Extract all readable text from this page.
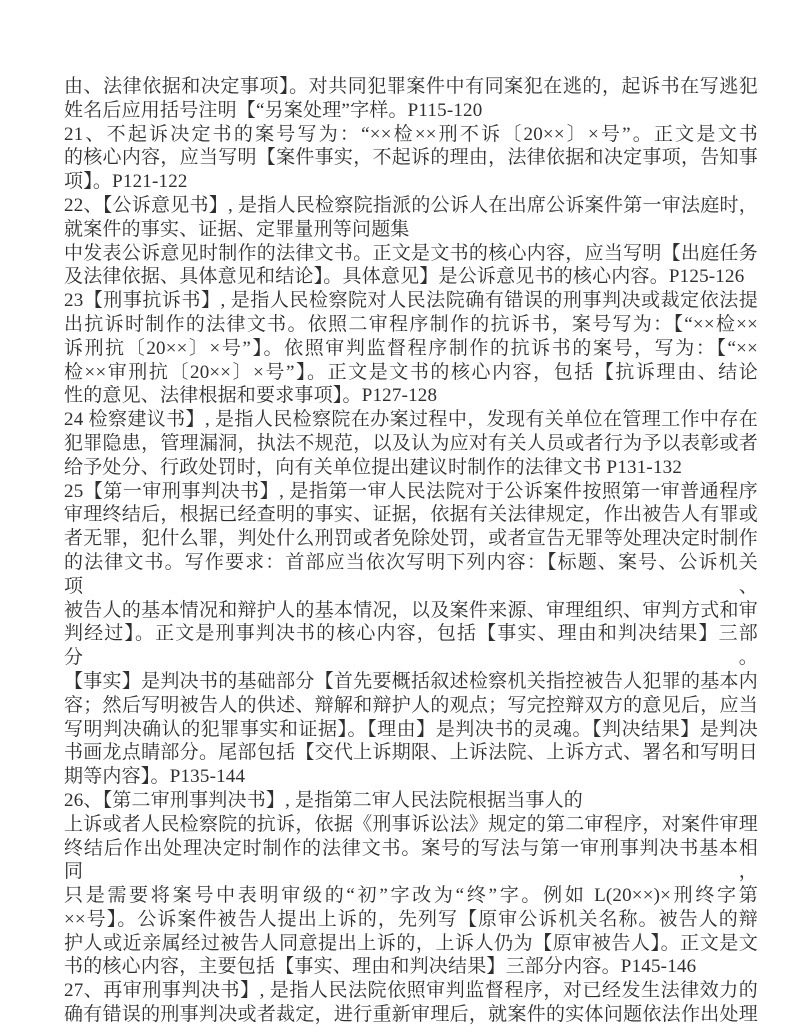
由、法律依据和决定事项】。对共同犯罪案件中有同案犯在逃的，起诉书在写逃犯
姓名后应用括号注明【“另案处理”字样。P115-120
21、不起诉决定书的案号写为：“××检××刑不诉〔20××〕×号”。正文是文书
的核心内容，应当写明【案件事实，不起诉的理由，法律依据和决定事项，告知事
项】。P121-122
22、【公诉意见书】, 是指人民检察院指派的公诉人在出席公诉案件第一审法庭时，
就案件的事实、证据、定罪量刑等问题集
中发表公诉意见时制作的法律文书。正文是文书的核心内容，应当写明【出庭任务
及法律依据、具体意见和结论】。具体意见】是公诉意见书的核心内容。P125-126
23【刑事抗诉书】, 是指人民检察院对人民法院确有错误的刑事判决或裁定依法提
出抗诉时制作的法律文书。依照二审程序制作的抗诉书，案号写为：【“××检××
诉刑抗〔20××〕×号”】。依照审判监督程序制作的抗诉书的案号，写为：【“××
检××审刑抗〔20××〕×号”】。正文是文书的核心内容，包括【抗诉理由、结论
性的意见、法律根据和要求事项】。P127-128
24 检察建议书】, 是指人民检察院在办案过程中，发现有关单位在管理工作中存在
犯罪隐患，管理漏洞，执法不规范，以及认为应对有关人员或者行为予以表彰或者
给予处分、行政处罚时，向有关单位提出建议时制作的法律文书 P131-132
25【第一审刑事判决书】, 是指第一审人民法院对于公诉案件按照第一审普通程序
审理终结后，根据已经查明的事实、证据，依据有关法律规定，作出被告人有罪或
者无罪，犯什么罪，判处什么刑罚或者免除处罚，或者宣告无罪等处理决定时制作
的法律文书。写作要求：首部应当依次写明下列内容：【标题、案号、公诉机关项、
被告人的基本情况和辩护人的基本情况，以及案件来源、审理组织、审判方式和审
判经过】。正文是刑事判决书的核心内容，包括【事实、理由和判决结果】三部分。
【事实】是判决书的基础部分【首先要概括叙述检察机关指控被告人犯罪的基本内
容；然后写明被告人的供述、辩解和辩护人的观点；写完控辩双方的意见后，应当
写明判决确认的犯罪事实和证据】。【理由】是判决书的灵魂。【判决结果】是判决
书画龙点睛部分。尾部包括【交代上诉期限、上诉法院、上诉方式、署名和写明日
期等内容】。P135-144
26、【第二审刑事判决书】, 是指第二审人民法院根据当事人的
上诉或者人民检察院的抗诉，依据《刑事诉讼法》规定的第二审程序，对案件审理
终结后作出处理决定时制作的法律文书。案号的写法与第一审刑事判决书基本相同，
只是需要将案号中表明审级的“初”字改为“终”字。例如 L(20××)×刑终字第
××号】。公诉案件被告人提出上诉的，先列写【原审公诉机关名称。被告人的辩
护人或近亲属经过被告人同意提出上诉的，上诉人仍为【原审被告人】。正文是文
书的核心内容，主要包括【事实、理由和判决结果】三部分内容。P145-146
27、再审刑事判决书】, 是指人民法院依照审判监督程序，对已经发生法律效力的
确有错误的刑事判决或者裁定，进行重新审理后，就案件的实体问题依法作出处理
